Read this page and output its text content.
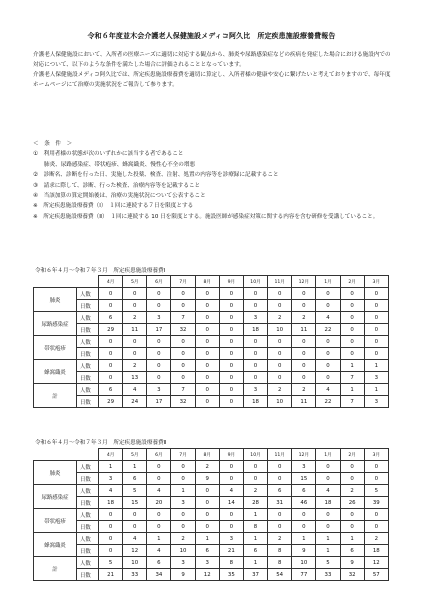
令和６年度並木会介護老人保健施設メディコ阿久比　所定疾患施設療養費報告

介護老人保健施設において、入所者の医療ニーズに適切に対応する観点から、肺炎や尿路感染症などの疾病を発症した場合における施設内での対応について、以下のような条件を満たした場合に評価されることとなっています。

介護老人保健施設メディコ阿久比では、所定疾患施設療養費を適切に算定し、入所者様の健康や安心に繋げたいと考えておりますので、毎年度ホームページにて治療の実施状況をご報告して参ります。

＜　条　件　＞
①　利用者様の状態が次のいずれかに該当する者であること
肺炎、尿路感染症、帯状疱疹、蜂窩織炎、慢性心不全の増悪
②　診断名、診断を行った日、実施した投薬、検査、注射、処置の内容等を診療録に記載すること
③　請求に際して、診断、行った検査、治療内容等を記載すること
④　当該加算の算定開始後は、治療の実施状況について公表すること
※　所定疾患施設療養費（Ⅰ）　１回に連続する７日を限度とする
※　所定疾患施設療養費（Ⅱ）　１回に連続する 10 日を限度とする。施設医師が感染症対策に関する内容を含む研修を受講していること。
令和６年４月～令和７年３月　所定疾患施設療養費Ⅰ
		4月	5月	6月	7月	8月	9月	10月	11月	12月	1月	2月	3月
肺炎	人数	0	0	0	0	0	0	0	0	0	0	0	0
	日数	0	0	0	0	0	0	0	0	0	0	0	0
尿路感染症	人数	6	2	3	7	0	0	3	2	2	4	0	0
	日数	29	11	17	32	0	0	18	10	11	22	0	0
帯状疱疹	人数	0	0	0	0	0	0	0	0	0	0	0	0
	日数	0	0	0	0	0	0	0	0	0	0	0	0
蜂窩織炎	人数	0	2	0	0	0	0	0	0	0	0	1	1
	日数	0	13	0	0	0	0	0	0	0	0	7	3
計	人数	6	4	3	7	0	0	3	2	2	4	1	1
	日数	29	24	17	32	0	0	18	10	11	22	7	3
令和６年４月～令和７年３月　所定疾患施設療養費Ⅱ
		4月	5月	6月	7月	8月	9月	10月	11月	12月	1月	2月	3月
肺炎	人数	1	1	0	0	2	0	0	0	3	0	0	0
	日数	3	6	0	0	9	0	0	0	15	0	0	0
尿路感染症	人数	4	5	4	1	0	4	2	6	6	4	2	5
	日数	18	15	20	3	0	14	28	31	46	18	26	39
帯状疱疹	人数	0	0	0	0	0	0	1	0	0	0	0	0
	日数	0	0	0	0	0	0	8	0	0	0	0	0
蜂窩織炎	人数	0	4	1	2	1	3	1	2	1	1	1	2
	日数	0	12	4	10	6	21	6	8	9	1	6	18
計	人数	5	10	6	3	3	8	1	8	10	5	9	12
	日数	21	33	34	9	12	35	37	54	77	33	32	57
